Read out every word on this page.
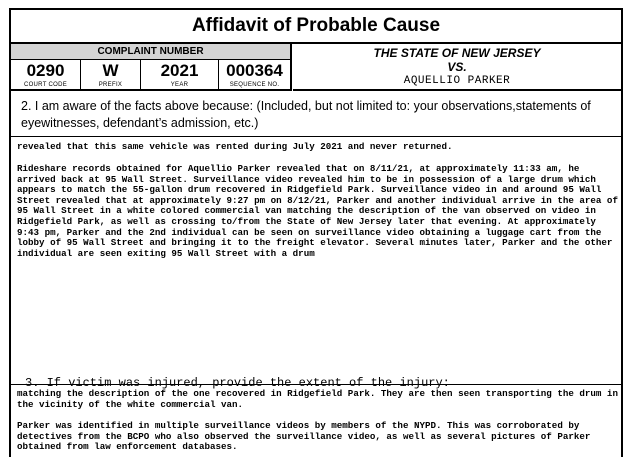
Affidavit of Probable Cause
COMPLAINT NUMBER
0290
COURT CODE
W
PREFIX
2021
YEAR
000364
SEQUENCE NO.
THE STATE OF NEW JERSEY
VS.
AQUELLIO PARKER
2. I am aware of the facts above because: (Included, but not limited to: your observations,statements of eyewitnesses, defendant’s admission, etc.)
revealed that this same vehicle was rented during July 2021 and never returned.
Rideshare records obtained for Aquellio Parker revealed that on 8/11/21, at approximately 11:33 am, he arrived back at 95 Wall Street. Surveillance video revealed him to be in possession of a large drum which appears to match the 55-gallon drum recovered in Ridgefield Park. Surveillance video in and around 95 Wall Street revealed that at approximately 9:27 pm on 8/12/21, Parker and another individual arrive in the area of 95 Wall Street in a white colored commercial van matching the description of the van observed on video in Ridgefield Park, as well as crossing to/from the State of New Jersey later that evening. At approximately 9:43 pm, Parker and the 2nd individual can be seen on surveillance video obtaining a luggage cart from the lobby of 95 Wall Street and bringing it to the freight elevator. Several minutes later, Parker and the other individual are seen exiting 95 Wall Street with a drum
3. If victim was injured, provide the extent of the injury:
matching the description of the one recovered in Ridgefield Park. They are then seen transporting the drum in the vicinity of the white commercial van.
Parker was identified in multiple surveillance videos by members of the NYPD. This was corroborated by detectives from the BCPO who also observed the surveillance video, as well as several pictures of Parker obtained from law enforcement databases.
